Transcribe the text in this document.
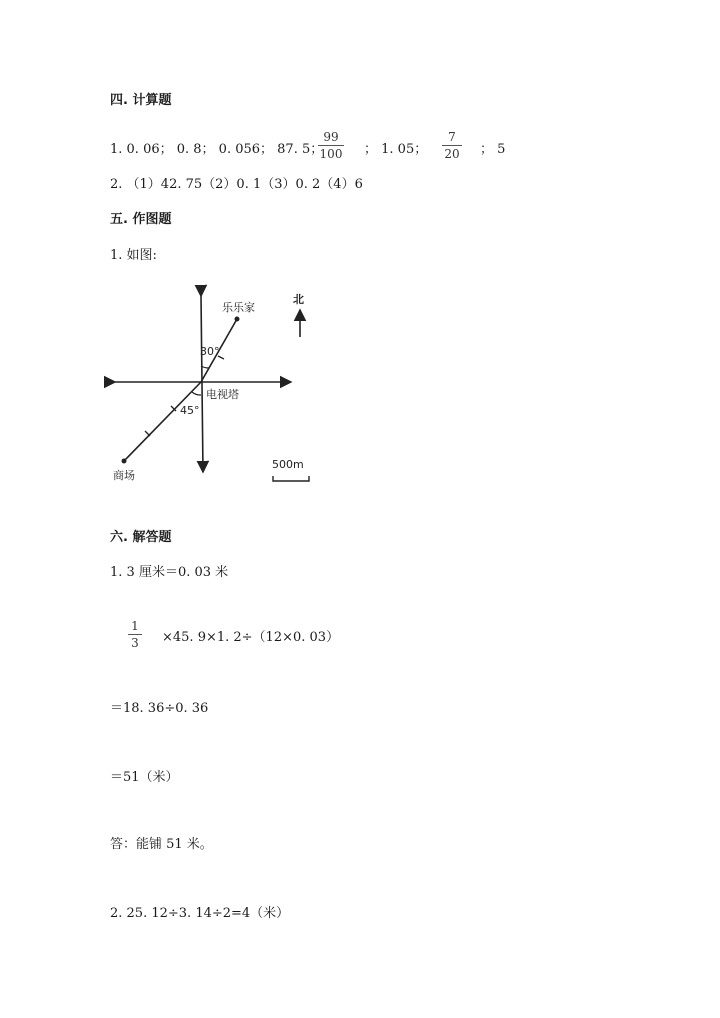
四. 计算题
1. 0. 06； 0. 8； 0. 056； 87. 5；
99
100 ； 1. 05；
7
20 ； 5
2. （1）42. 75（2）0. 1（3）0. 2（4）6
五. 作图题
1. 如图:
乐乐家
北
30°
电视塔
45°
商场
500m
六. 解答题
1. 3 厘米＝0. 03 米
1
3 ×45. 9×1. 2÷（12×0. 03）
＝18. 36÷0. 36
＝51（米）
答：能铺 51 米。
2. 25. 12÷3. 14÷2=4（米）
